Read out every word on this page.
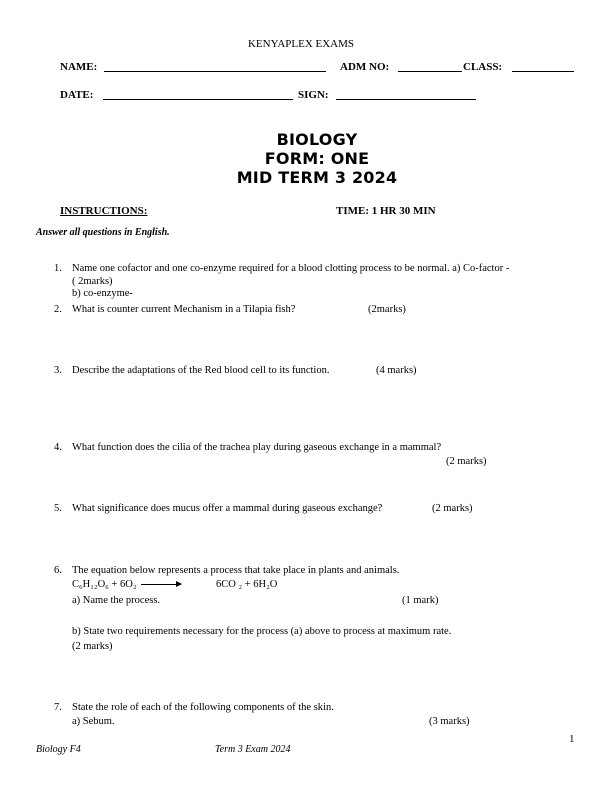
KENYAPLEX EXAMS
NAME:	ADM NO:	CLASS:
DATE:	SIGN:
BIOLOGY
FORM: ONE
MID TERM 3 2024
INSTRUCTIONS:	TIME: 1 HR 30 MIN
Answer all questions in English.
1. Name one cofactor and one co-enzyme required for a blood clotting process to be normal. a) Co-factor -
( 2marks)
b) co-enzyme-
2. What is counter current Mechanism in a Tilapia fish?	(2marks)
3. Describe the adaptations of the Red blood cell to its function.	(4 marks)
4. What function does the cilia of the trachea play during gaseous exchange in a mammal?
(2 marks)
5. What significance does mucus offer a mammal during gaseous exchange?	(2 marks)
6. The equation below represents a process that take place in plants and animals.
C₆H₁₂O₆ + 6O₂ →	6CO ₂ + 6H₂O
a) Name the process.	(1 mark)
b) State two requirements necessary for the process (a) above to process at maximum rate.
(2 marks)
7. State the role of each of the following components of the skin.
a) Sebum.	(3 marks)
1
Biology F4	Term 3 Exam 2024
